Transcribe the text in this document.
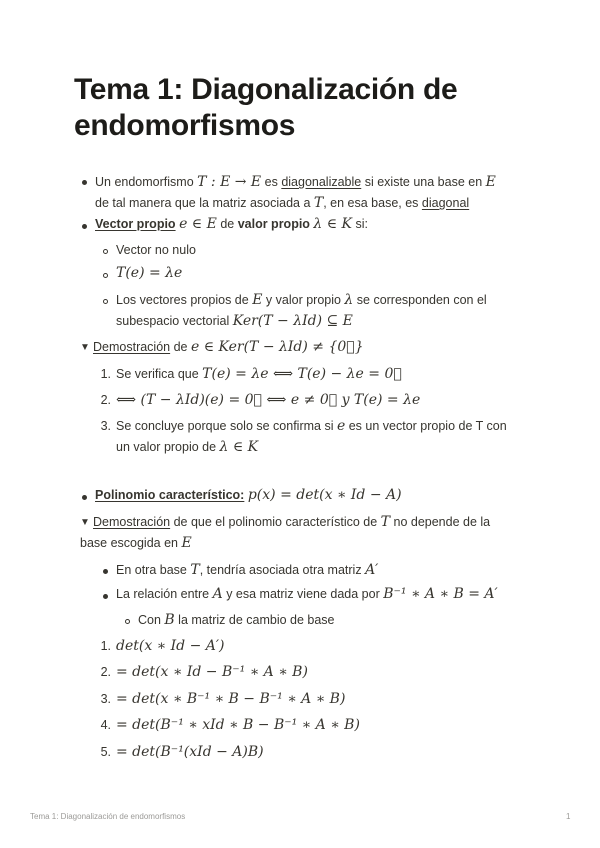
Tema 1: Diagonalización de endomorfismos
Un endomorfismo T : E → E es diagonalizable si existe una base en E
de tal manera que la matriz asociada a T, en esa base, es diagonal
Vector propio e ∈ E de valor propio λ ∈ K si:
Vector no nulo
T(e) = λe
Los vectores propios de E y valor propio λ se corresponden con el
subespacio vectorial Ker(T − λId) ⊆ E
▼ Demostración de e ∈ Ker(T − λId) ≠ {0⃗}
1. Se verifica que T(e) = λe ⟺ T(e) − λe = 0⃗
2. ⟺ (T − λId)(e) = 0⃗ ⟺ e ≠ 0⃗ y T(e) = λe
3. Se concluye porque solo se confirma si e es un vector propio de T con
un valor propio de λ ∈ K
Polinomio característico: p(x) = det(x ∗ Id − A)
▼ Demostración de que el polinomio característico de T no depende de la
base escogida en E
En otra base T, tendría asociada otra matriz A′
La relación entre A y esa matriz viene dada por B⁻¹ ∗ A ∗ B = A′
Con B la matriz de cambio de base
1. det(x ∗ Id − A′)
2. = det(x ∗ Id − B⁻¹ ∗ A ∗ B)
3. = det(x ∗ B⁻¹ ∗ B − B⁻¹ ∗ A ∗ B)
4. = det(B⁻¹ ∗ xId ∗ B − B⁻¹ ∗ A ∗ B)
5. = det(B⁻¹(xId − A)B)
Tema 1: Diagonalización de endomorfismos	1
